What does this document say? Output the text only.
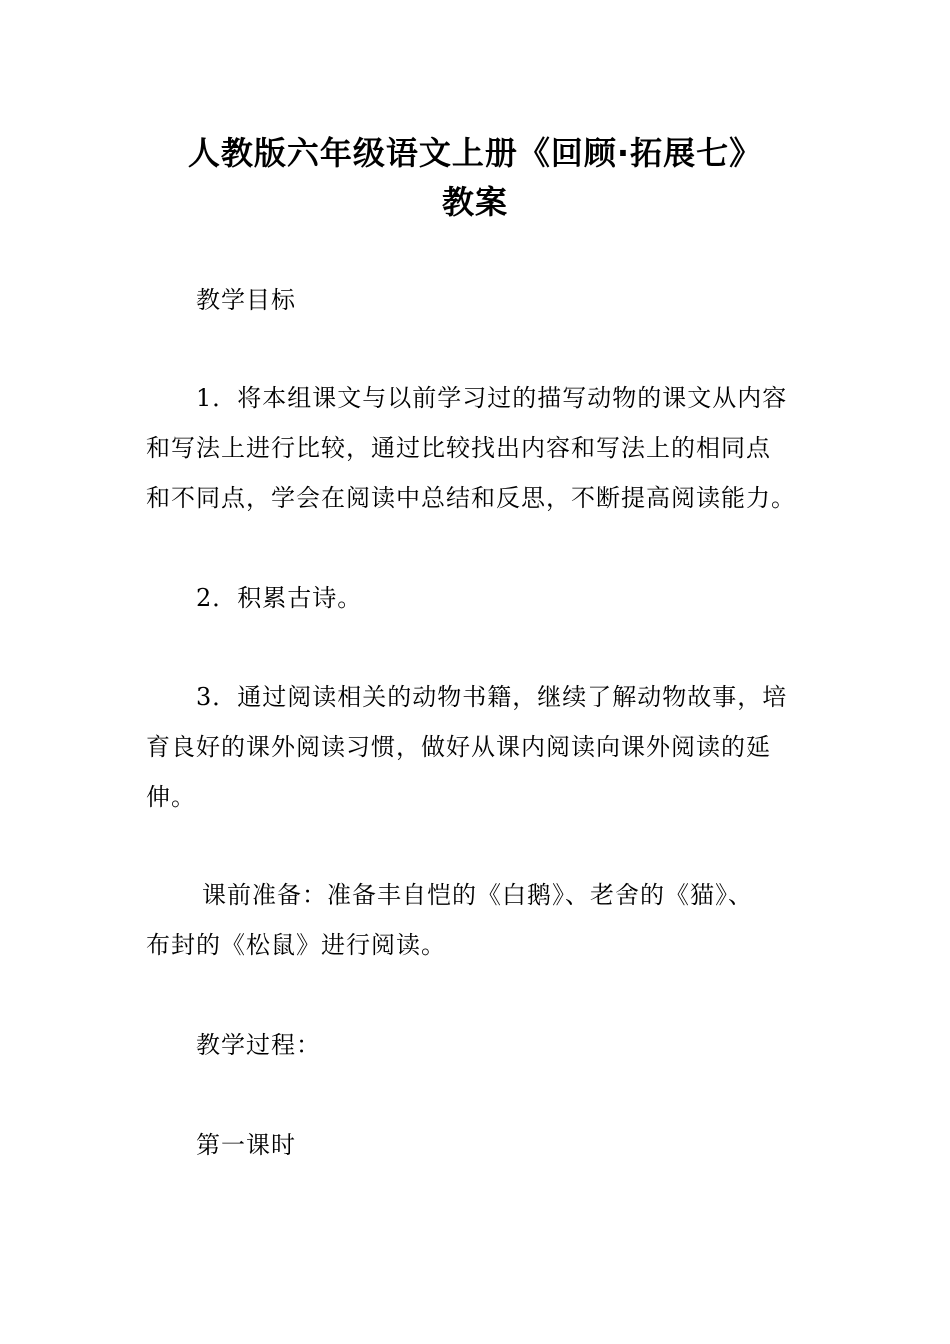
人教版六年级语文上册《回顾·拓展七》
教案
教学目标
1．将本组课文与以前学习过的描写动物的课文从内容
和写法上进行比较，通过比较找出内容和写法上的相同点
和不同点，学会在阅读中总结和反思，不断提高阅读能力。
2．积累古诗。
3．通过阅读相关的动物书籍，继续了解动物故事，培
育良好的课外阅读习惯，做好从课内阅读向课外阅读的延
伸。
课前准备：准备丰自恺的《白鹅》、老舍的《猫》、
布封的《松鼠》进行阅读。
教学过程：
第一课时
